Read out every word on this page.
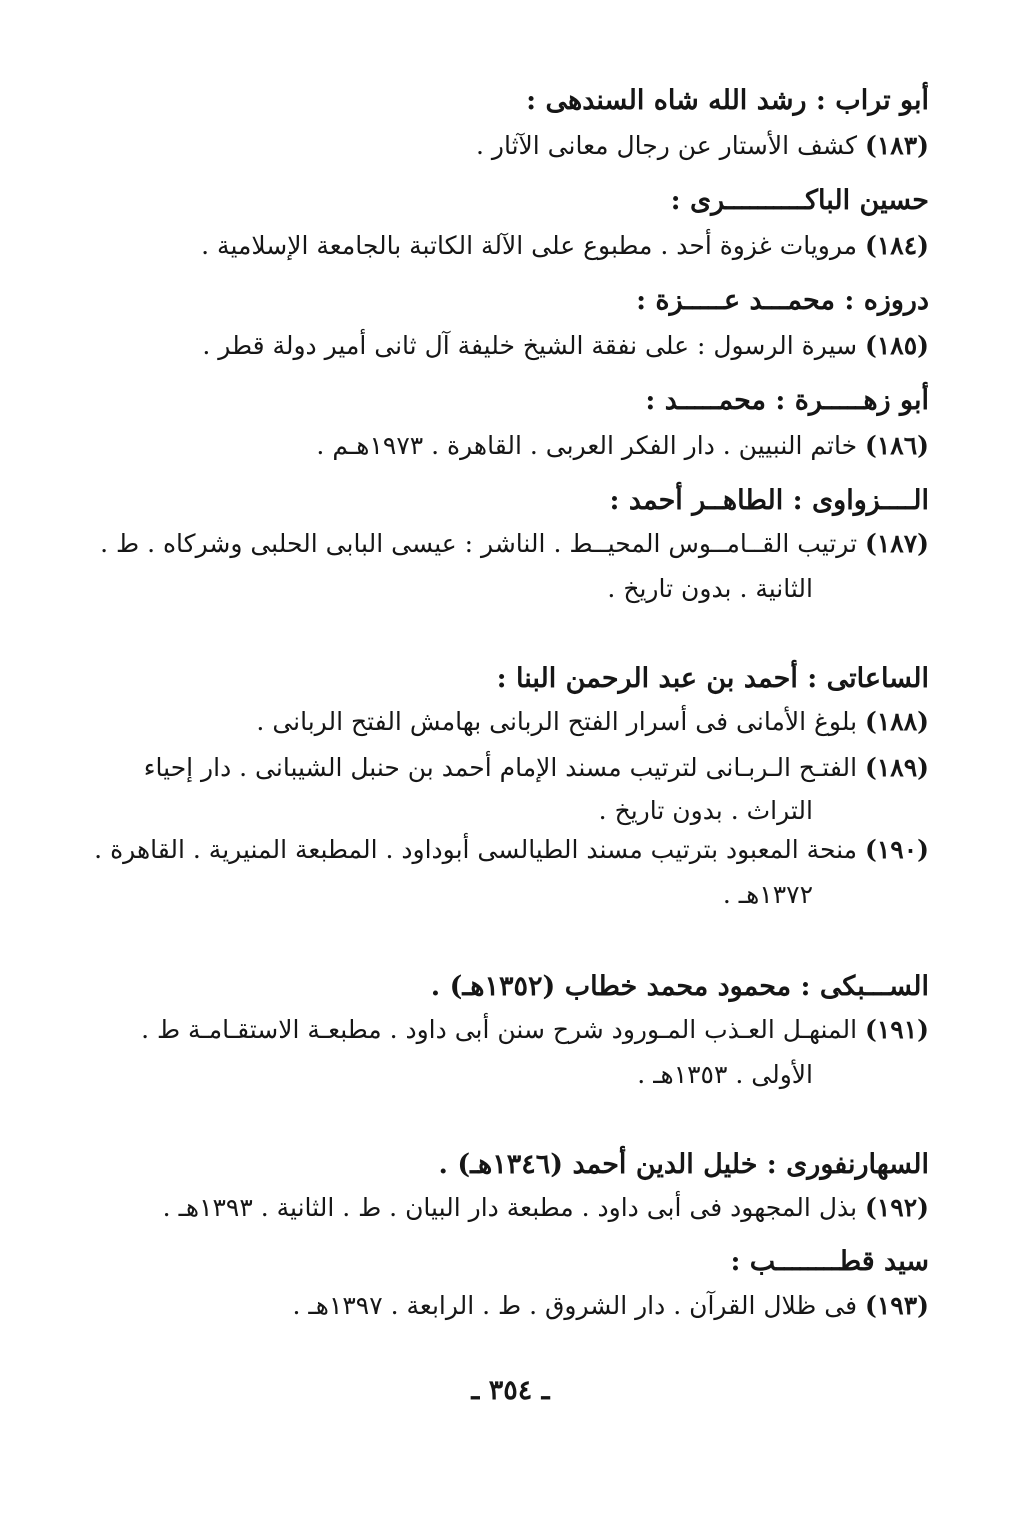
أبو تراب : رشد الله شاه السندهى :
(١٨٣) كشف الأستار عن رجال معانى الآثار .
حسين الباكــــــــــرى :
(١٨٤) مرويات غزوة أحد . مطبوع على الآلة الكاتبة بالجامعة الإسلامية .
دروزه : محمـــد عـــــزة :
(١٨٥) سيرة الرسول : على نفقة الشيخ خليفة آل ثانى أمير دولة قطر .
أبو زهـــــرة : محمـــــد :
(١٨٦) خاتم النبيين . دار الفكر العربى . القاهرة . ١٩٧٣هـم .
الــــزواوى : الطاهــر أحمد :
(١٨٧) ترتيب القــامــوس المحيــط . الناشر : عيسى البابى الحلبى وشركاه . ط .
الثانية . بدون تاريخ .
الساعاتى : أحمد بن عبد الرحمن البنا :
(١٨٨) بلوغ الأمانى فى أسرار الفتح الربانى بهامش الفتح الربانى .
(١٨٩) الفتـح الـربـانى لترتيب مسند الإمام أحمد بن حنبل الشيبانى . دار إحياء
التراث . بدون تاريخ .
(١٩٠) منحة المعبود بترتيب مسند الطيالسى أبوداود . المطبعة المنيرية . القاهرة .
١٣٧٢هـ .
الســـبكى : محمود محمد خطاب (١٣٥٢هـ) .
(١٩١) المنهـل العـذب المـورود شرح سنن أبى داود . مطبعـة الاستقـامـة ط .
الأولى . ١٣٥٣هـ .
السهارنفورى : خليل الدين أحمد (١٣٤٦هـ) .
(١٩٢) بذل المجهود فى أبى داود . مطبعة دار البيان . ط . الثانية . ١٣٩٣هـ .
سيد قطــــــــب :
(١٩٣) فى ظلال القرآن . دار الشروق . ط . الرابعة . ١٣٩٧هـ .
ـ ٣٥٤ ـ
